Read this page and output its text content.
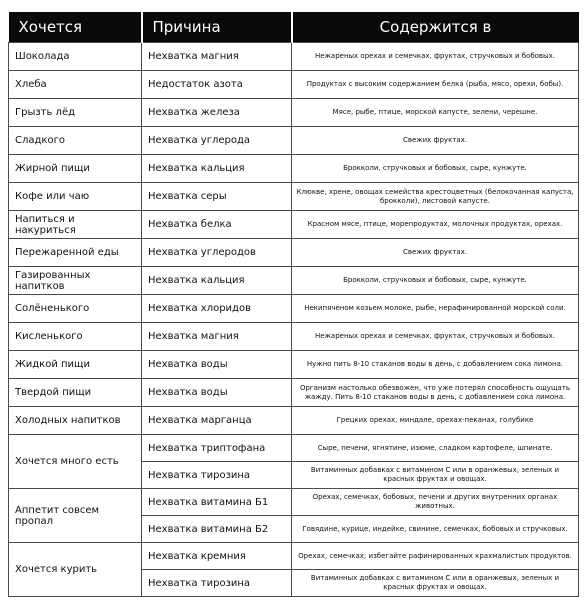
Хочется	Причина	Содержится в
Шоколада	Нехватка магния	Нежареных орехах и семечках, фруктах, стручковых и бобовых.
Хлеба	Недостаток азота	Продуктах с высоким содержанием белка (рыба, мясо, орехи, бобы).
Грызть лёд	Нехватка железа	Мясе, рыбе, птице, морской капусте, зелени, черешне.
Сладкого	Нехватка углерода	Свежих фруктах.
Жирной пищи	Нехватка кальция	Брокколи, стручковых и бобовых, сыре, кунжуте.
Кофе или чаю	Нехватка серы	Клюкве, хрене, овощах семейства крестоцветных (белокочанная капуста, брокколи), листовой капусте.
Напиться и накуриться	Нехватка белка	Красном мясе, птице, морепродуктах, молочных продуктах, орехах.
Пережаренной еды	Нехватка углеродов	Свежих фруктах.
Газированных напитков	Нехватка кальция	Брокколи, стручковых и бобовых, сыре, кунжуте.
Солёненького	Нехватка хлоридов	Некипяченом козьем молоке, рыбе, нерафинированной морской соли.
Кисленького	Нехватка магния	Нежареных орехах и семечках, фруктах, стручковых и бобовых.
Жидкой пищи	Нехватка воды	Нужно пить 8-10 стаканов воды в день, с добавлением сока лимона.
Твердой пищи	Нехватка воды	Организм настолько обезвожен, что уже потерял способность ощущать жажду. Пить 8-10 стаканов воды в день, с добавлением сока лимона.
Холодных напитков	Нехватка марганца	Грецких орехах, миндале, орехах-пеканах, голубике
Хочется много есть	Нехватка триптофана	Сыре, печени, ягнятине, изюме, сладком картофеле, шпинате.
	Нехватка тирозина	Витаминных добавках с витамином С или в оранжевых, зеленых и красных фруктах и овощах.
Аппетит совсем пропал	Нехватка витамина Б1	Орехах, семечках, бобовых, печени и других внутренних органах животных.
	Нехватка витамина Б2	Говядине, курице, индейке, свинине, семечках, бобовых и стручковых.
Хочется курить	Нехватка кремния	Орехах, семечках; избегайте рафинированных крахмалистых продуктов.
	Нехватка тирозина	Витаминных добавках с витамином С или в оранжевых, зеленых и красных фруктах и овощах.
